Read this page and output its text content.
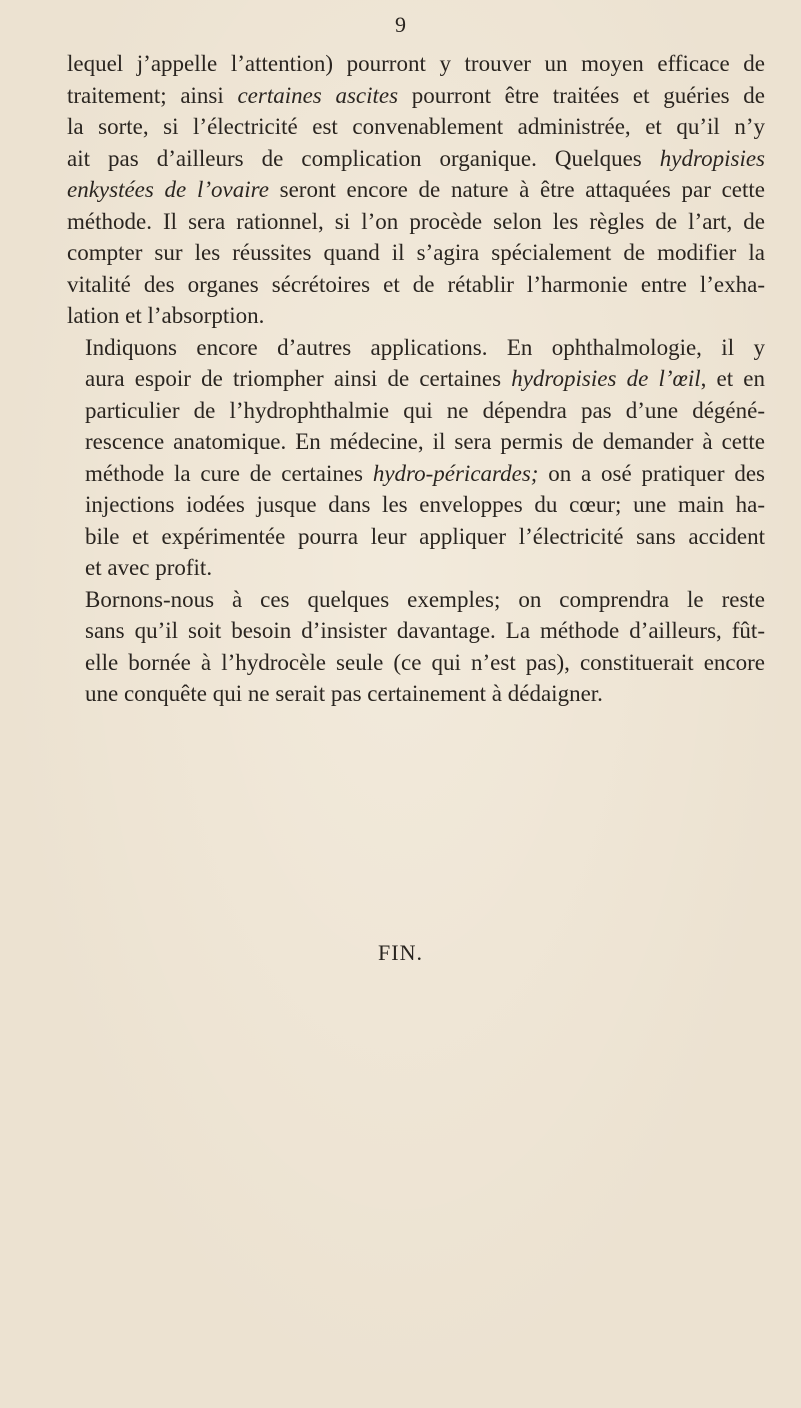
9

lequel j’appelle l’attention) pourront y trouver un moyen efficace de
traitement; ainsi certaines ascites pourront être traitées et guéries de
la sorte, si l’électricité est convenablement administrée, et qu’il n’y
ait pas d’ailleurs de complication organique. Quelques hydropisies
enkystées de l’ovaire seront encore de nature à être attaquées par cette
méthode. Il sera rationnel, si l’on procède selon les règles de l’art, de
compter sur les réussites quand il s’agira spécialement de modifier la
vitalité des organes sécrétoires et de rétablir l’harmonie entre l’exha-
lation et l’absorption.

Indiquons encore d’autres applications. En ophthalmologie, il y
aura espoir de triompher ainsi de certaines hydropisies de l’œil, et en
particulier de l’hydrophthalmie qui ne dépendra pas d’une dégéné-
rescence anatomique. En médecine, il sera permis de demander à cette
méthode la cure de certaines hydro-péricardes; on a osé pratiquer des
injections iodées jusque dans les enveloppes du cœur; une main ha-
bile et expérimentée pourra leur appliquer l’électricité sans accident
et avec profit.

Bornons-nous à ces quelques exemples; on comprendra le reste
sans qu’il soit besoin d’insister davantage. La méthode d’ailleurs, fût-
elle bornée à l’hydrocèle seule (ce qui n’est pas), constituerait encore
une conquête qui ne serait pas certainement à dédaigner.

FIN.
